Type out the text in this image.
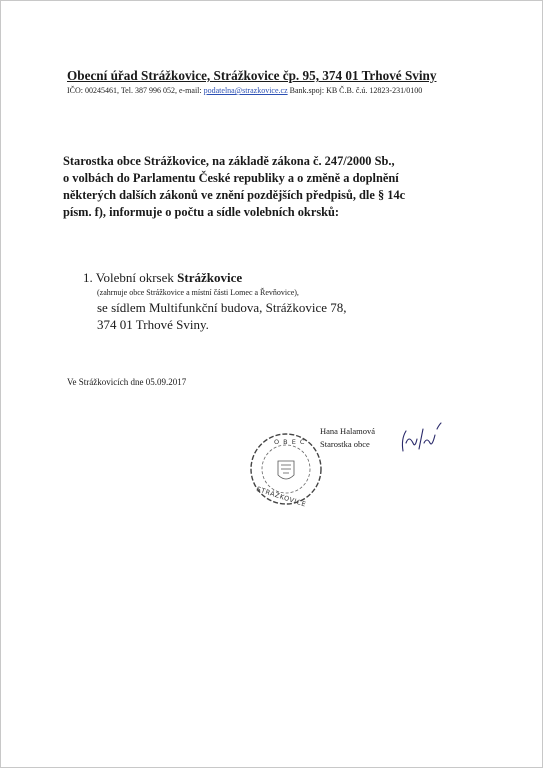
Obecní úřad Strážkovice, Strážkovice čp. 95, 374 01 Trhové Sviny
IČO: 00245461, Tel. 387 996 052, e-mail: podatelna@strazkovice.cz Bank.spoj: KB Č.B. č.ú. 12823-231/0100
Starostka obce Strážkovice, na základě zákona č. 247/2000 Sb.,
o volbách do Parlamentu České republiky a o změně a doplnění
některých dalších zákonů ve znění pozdějších předpisů, dle § 14c
písm. f), informuje o počtu a sídle volebních okrsků:
1. Volební okrsek Strážkovice
(zahrnuje obce Strážkovice a místní části Lomec a Řevňovice),
se sídlem Multifunkční budova, Strážkovice 78,
374 01 Trhové Sviny.
Ve Strážkovicích dne 05.09.2017
O B E C
STRÁŽKOVICE
Hana Halamová
Starostka obce
